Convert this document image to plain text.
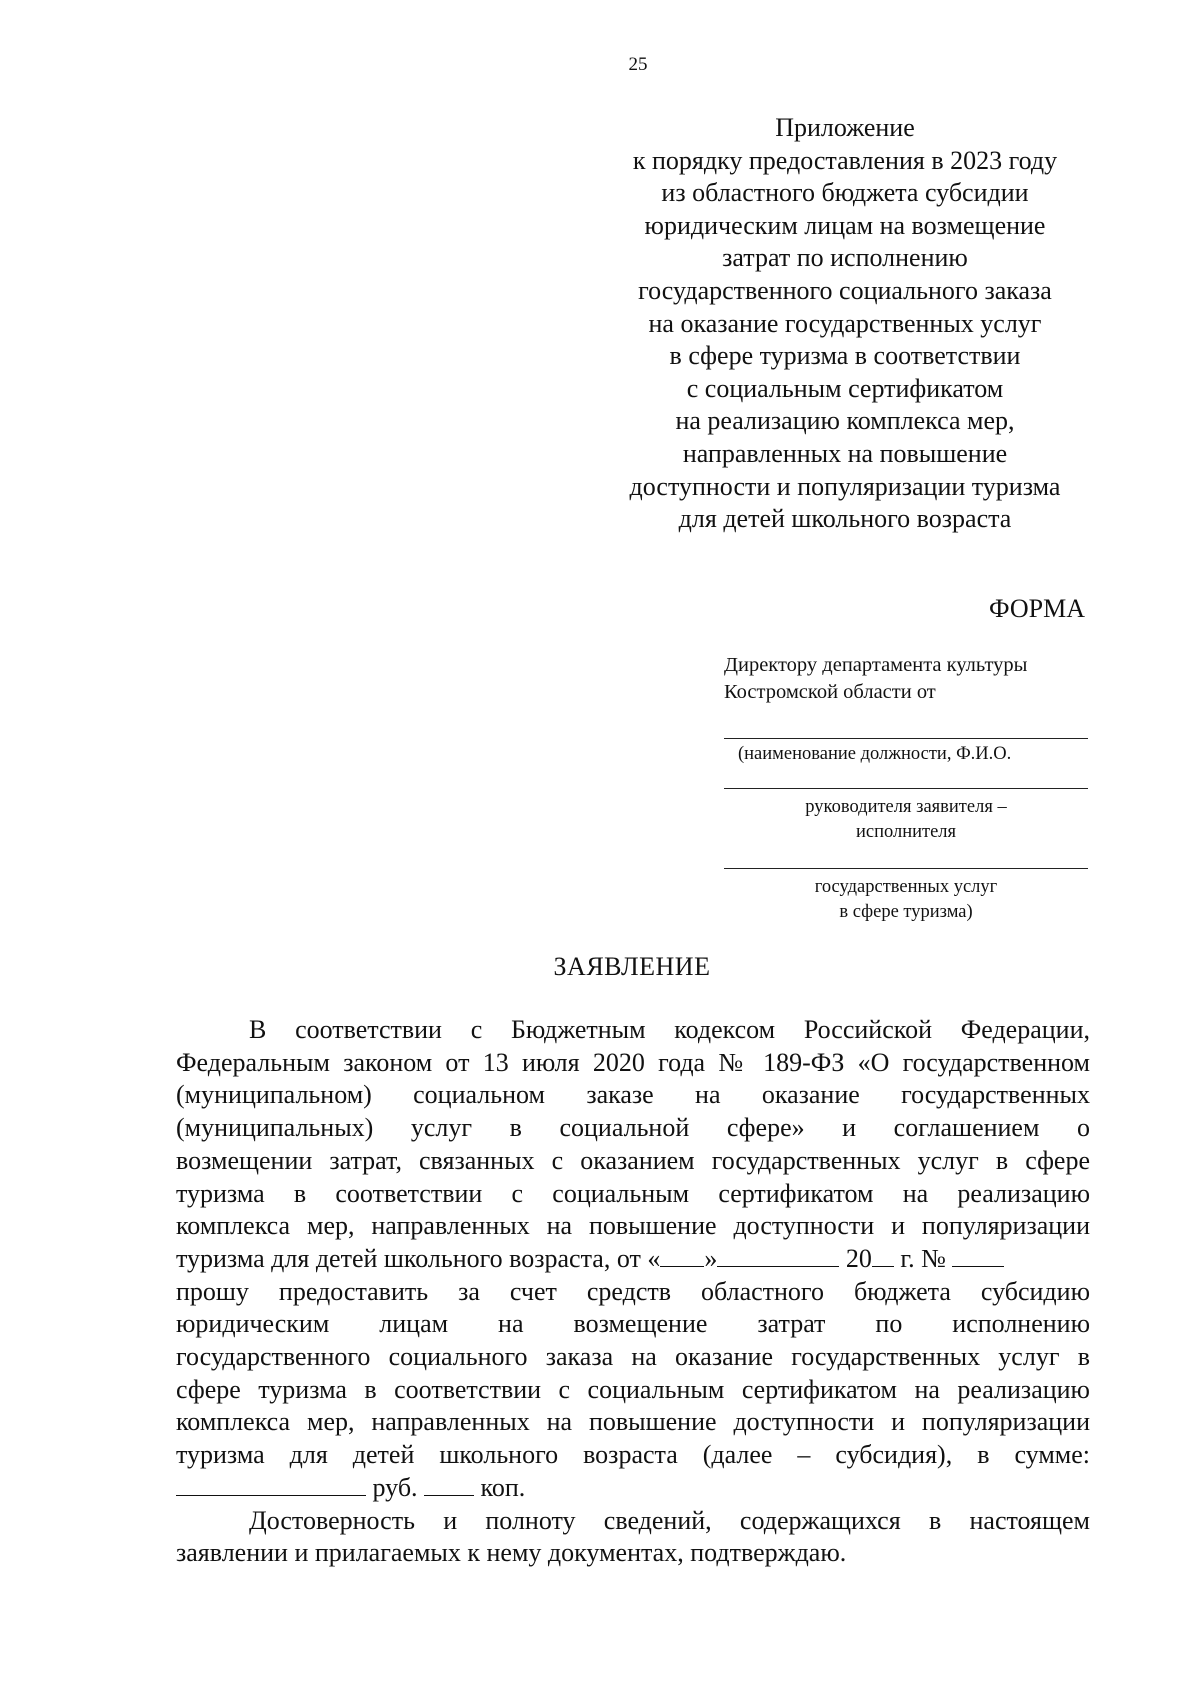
25
Приложение
к порядку предоставления в 2023 году
из областного бюджета субсидии
юридическим лицам на возмещение
затрат по исполнению
государственного социального заказа
на оказание государственных услуг
в сфере туризма в соответствии
с социальным сертификатом
на реализацию комплекса мер,
направленных на повышение
доступности и популяризации туризма
для детей школьного возраста
ФОРМА
Директору департамента культуры
Костромской области от
(наименование должности, Ф.И.О.
руководителя заявителя –
исполнителя
государственных услуг
в сфере туризма)
ЗАЯВЛЕНИЕ
В соответствии с Бюджетным кодексом Российской Федерации,
Федеральным законом от 13 июля 2020 года № 189-ФЗ «О государственном
(муниципальном) социальном заказе на оказание государственных
(муниципальных) услуг в социальной сфере» и соглашением о
возмещении затрат, связанных с оказанием государственных услуг в сфере
туризма в соответствии с социальным сертификатом на реализацию
комплекса мер, направленных на повышение доступности и популяризации
туризма для детей школьного возраста, от « »	20 г. №
прошу предоставить за счет средств областного бюджета субсидию
юридическим лицам на возмещение затрат по исполнению
государственного социального заказа на оказание государственных услуг в
сфере туризма в соответствии с социальным сертификатом на реализацию
комплекса мер, направленных на повышение доступности и популяризации
туризма для детей школьного возраста (далее – субсидия), в сумме:
руб. коп.
Достоверность и полноту сведений, содержащихся в настоящем
заявлении и прилагаемых к нему документах, подтверждаю.
